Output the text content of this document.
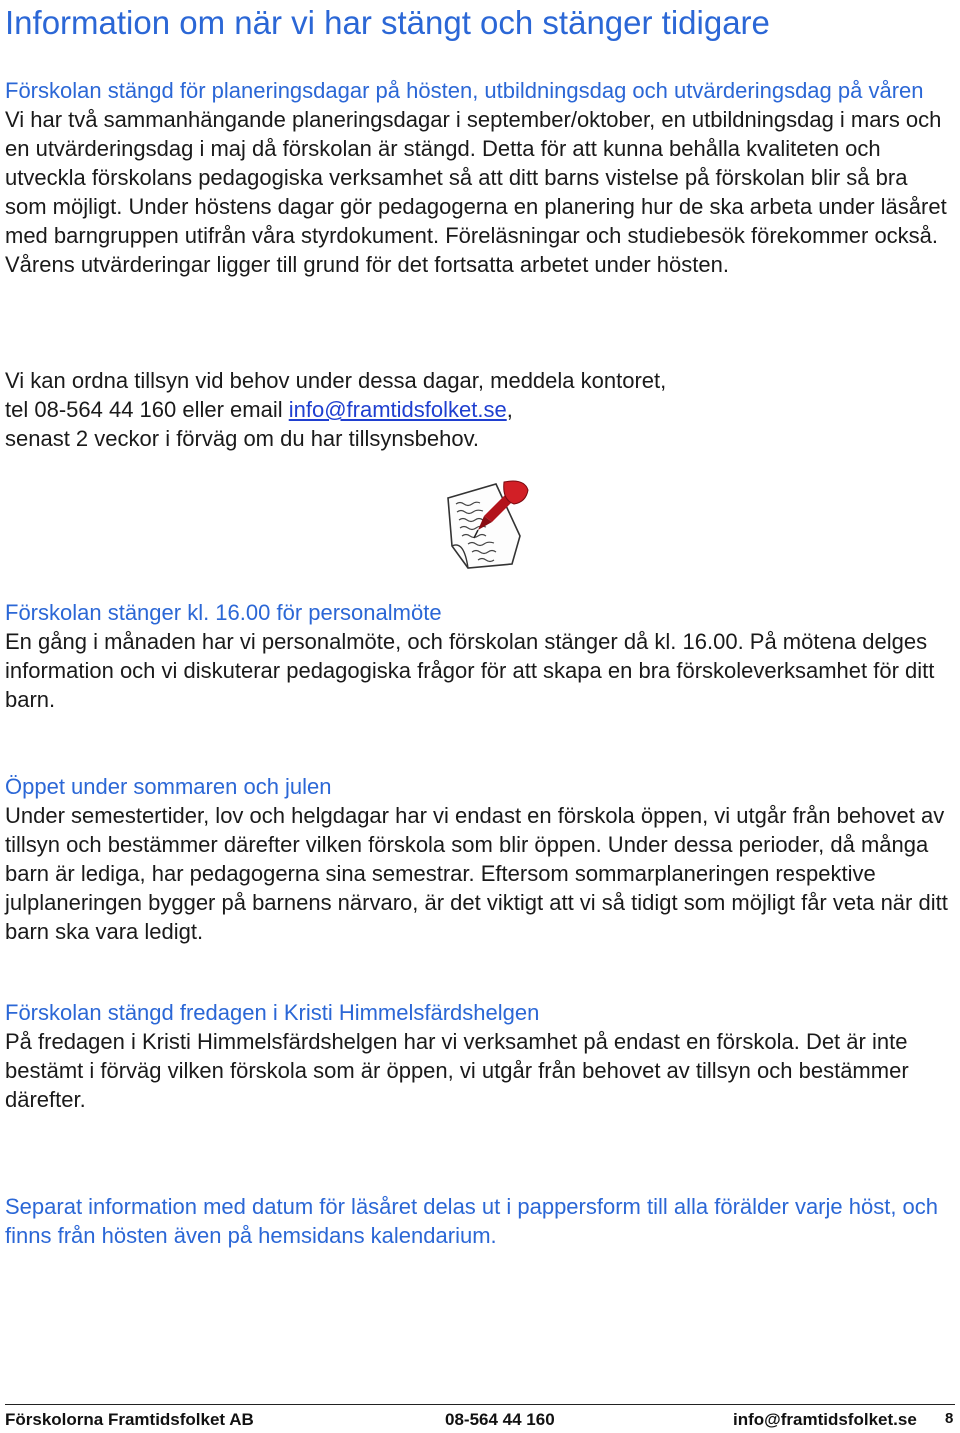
Information om när vi har stängt och stänger tidigare
Förskolan stängd för planeringsdagar på hösten, utbildningsdag och utvärderingsdag på våren
Vi har två sammanhängande planeringsdagar i september/oktober, en utbildningsdag i mars och en utvärderingsdag i maj då förskolan är stängd. Detta för att kunna behålla kvaliteten och utveckla förskolans pedagogiska verksamhet så att ditt barns vistelse på förskolan blir så bra som möjligt. Under höstens dagar gör pedagogerna en planering hur de ska arbeta under läsåret med barngruppen utifrån våra styrdokument. Föreläsningar och studiebesök förekommer också. Vårens utvärderingar ligger till grund för det fortsatta arbetet under hösten.
Vi kan ordna tillsyn vid behov under dessa dagar, meddela kontoret,
tel 08-564 44 160 eller email info@framtidsfolket.se,
senast 2 veckor i förväg om du har tillsynsbehov.
Förskolan stänger kl. 16.00 för personalmöte
En gång i månaden har vi personalmöte, och förskolan stänger då kl. 16.00. På mötena delges information och vi diskuterar pedagogiska frågor för att skapa en bra förskoleverksamhet för ditt barn.
Öppet under sommaren och julen
Under semestertider, lov och helgdagar har vi endast en förskola öppen, vi utgår från behovet av tillsyn och bestämmer därefter vilken förskola som blir öppen. Under dessa perioder, då många barn är lediga, har pedagogerna sina semestrar. Eftersom sommarplaneringen respektive julplaneringen bygger på barnens närvaro, är det viktigt att vi så tidigt som möjligt får veta när ditt barn ska vara ledigt.
Förskolan stängd fredagen i Kristi Himmelsfärdshelgen
På fredagen i Kristi Himmelsfärdshelgen har vi verksamhet på endast en förskola. Det är inte bestämt i förväg vilken förskola som är öppen, vi utgår från behovet av tillsyn och bestämmer därefter.
Separat information med datum för läsåret delas ut i pappersform till alla förälder varje höst, och finns från hösten även på hemsidans kalendarium.
Förskolorna Framtidsfolket AB	08-564 44 160	info@framtidsfolket.se 8
